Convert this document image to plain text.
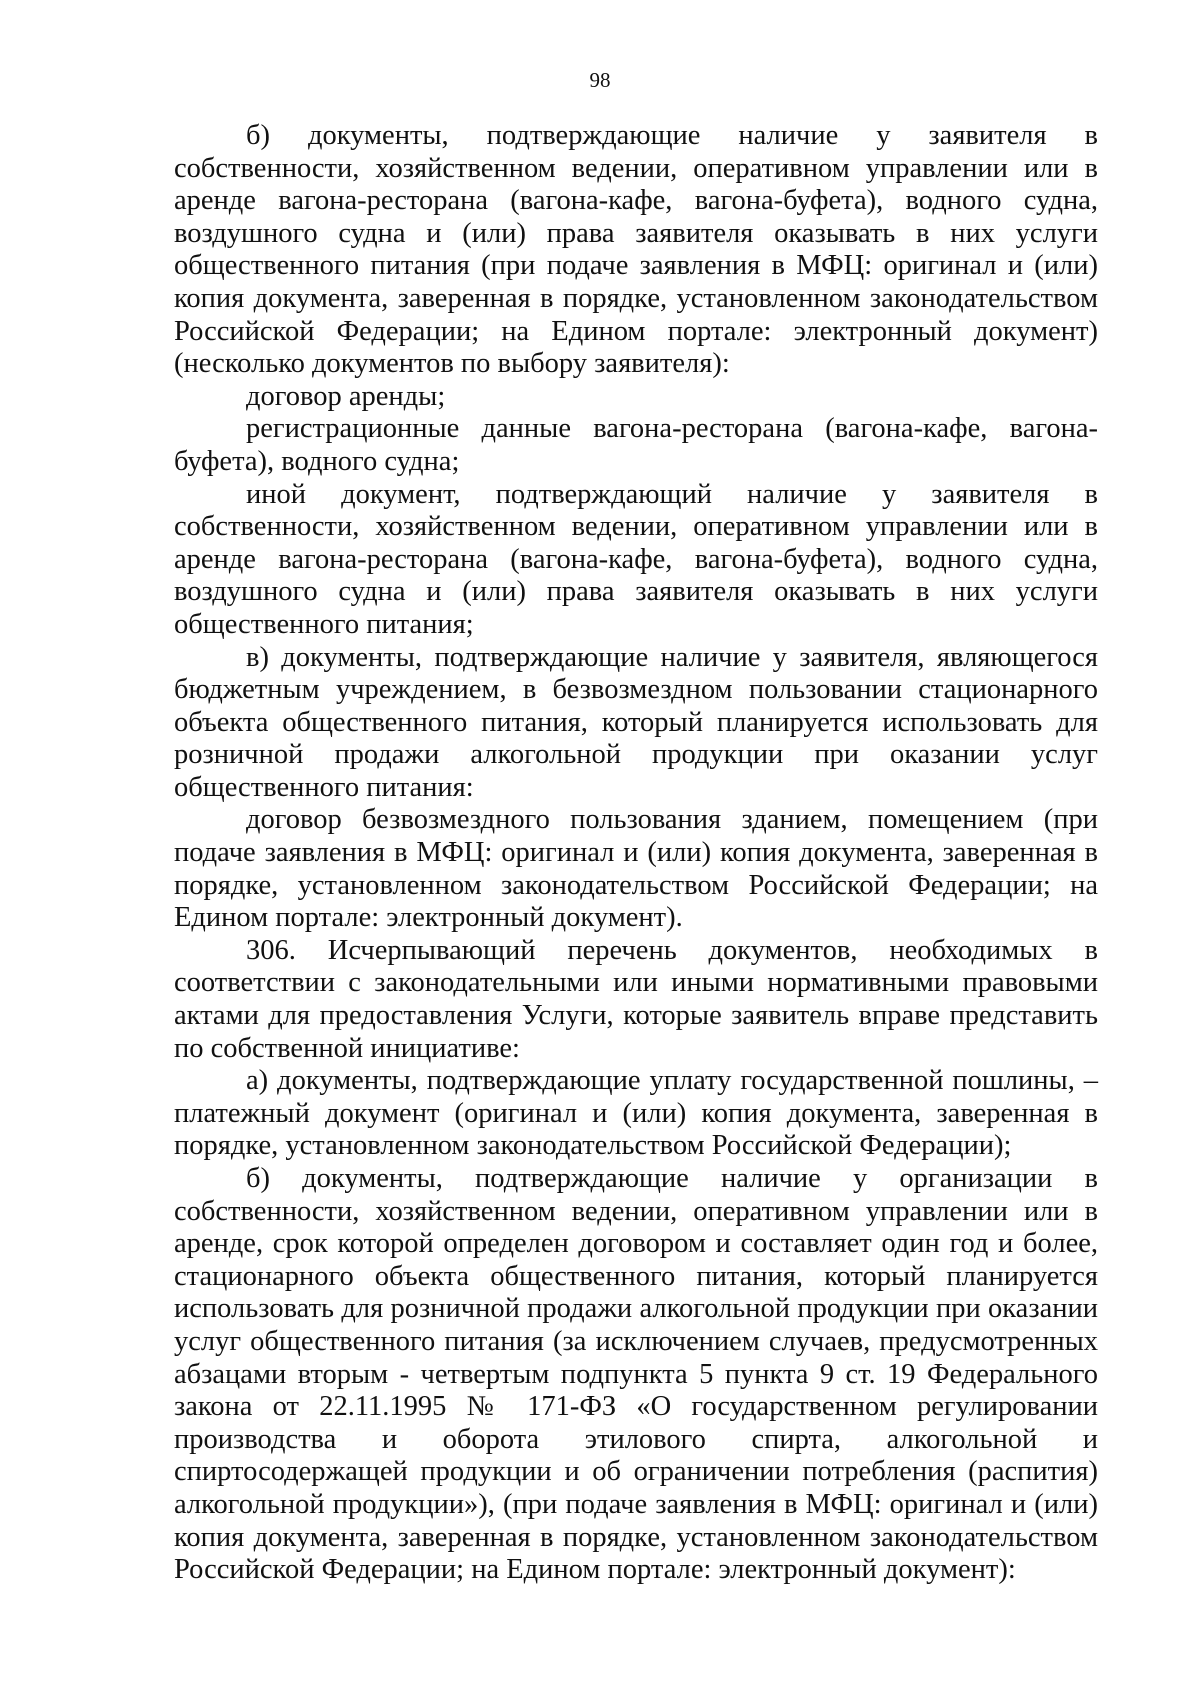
98

б) документы, подтверждающие наличие у заявителя в собственности, хозяйственном ведении, оперативном управлении или в аренде вагона-ресторана (вагона-кафе, вагона-буфета), водного судна, воздушного судна и (или) права заявителя оказывать в них услуги общественного питания (при подаче заявления в МФЦ: оригинал и (или) копия документа, заверенная в порядке, установленном законодательством Российской Федерации; на Едином портале: электронный документ) (несколько документов по выбору заявителя):

договор аренды;

регистрационные данные вагона-ресторана (вагона-кафе, вагона-буфета), водного судна;

иной документ, подтверждающий наличие у заявителя в собственности, хозяйственном ведении, оперативном управлении или в аренде вагона-ресторана (вагона-кафе, вагона-буфета), водного судна, воздушного судна и (или) права заявителя оказывать в них услуги общественного питания;

в) документы, подтверждающие наличие у заявителя, являющегося бюджетным учреждением, в безвозмездном пользовании стационарного объекта общественного питания, который планируется использовать для розничной продажи алкогольной продукции при оказании услуг общественного питания:

договор безвозмездного пользования зданием, помещением (при подаче заявления в МФЦ: оригинал и (или) копия документа, заверенная в порядке, установленном законодательством Российской Федерации; на Едином портале: электронный документ).

306. Исчерпывающий перечень документов, необходимых в соответствии с законодательными или иными нормативными правовыми актами для предоставления Услуги, которые заявитель вправе представить по собственной инициативе:

а) документы, подтверждающие уплату государственной пошлины, – платежный документ (оригинал и (или) копия документа, заверенная в порядке, установленном законодательством Российской Федерации);

б) документы, подтверждающие наличие у организации в собственности, хозяйственном ведении, оперативном управлении или в аренде, срок которой определен договором и составляет один год и более, стационарного объекта общественного питания, который планируется использовать для розничной продажи алкогольной продукции при оказании услуг общественного питания (за исключением случаев, предусмотренных абзацами вторым - четвертым подпункта 5 пункта 9 ст. 19 Федерального закона от 22.11.1995 № 171-ФЗ «О государственном регулировании производства и оборота этилового спирта, алкогольной и спиртосодержащей продукции и об ограничении потребления (распития) алкогольной продукции»), (при подаче заявления в МФЦ: оригинал и (или) копия документа, заверенная в порядке, установленном законодательством Российской Федерации; на Едином портале: электронный документ):
